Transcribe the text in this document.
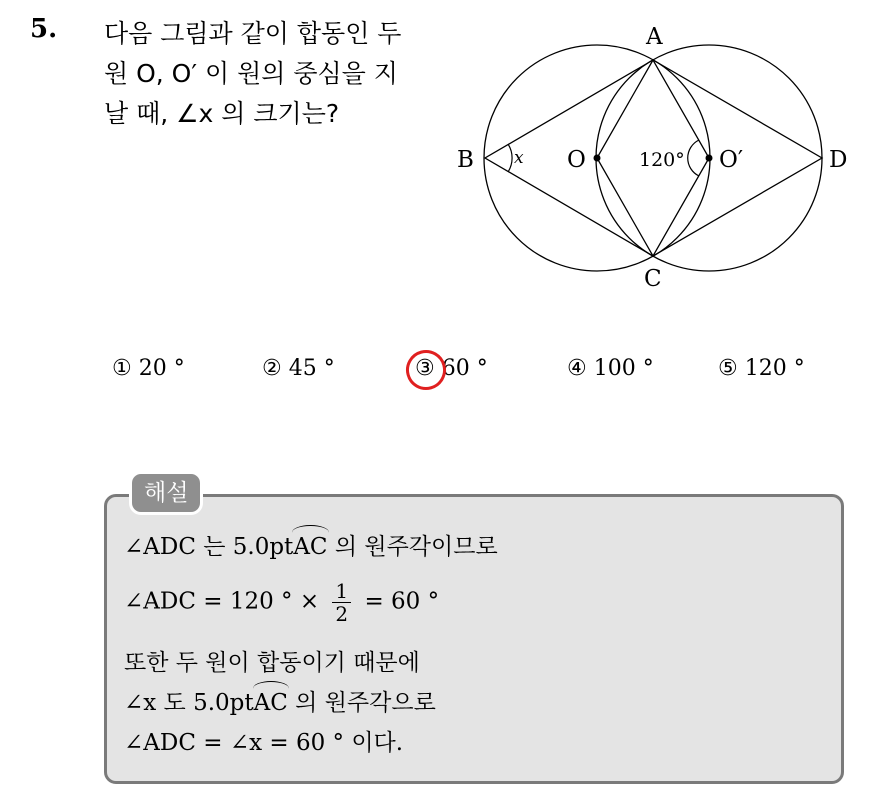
5. 다음 그림과 같이 합동인 두
원 O, O′ 이 원의 중심을 지
날 때, ∠x 의 크기는?
A
B
C
D
O	O′
x	120°
① 20 °	② 45 °	③ 60 °	④ 100 °	⑤ 120 °
해설
∠ADC 는 5.0ptAC 의 원주각이므로
∠ADC = 120 ° × $\frac{1}{2} = 60$ °
또한 두 원이 합동이기 때문에
∠x 도 5.0ptAC 의 원주각으로
∠ADC = ∠x = 60 ° 이다.
